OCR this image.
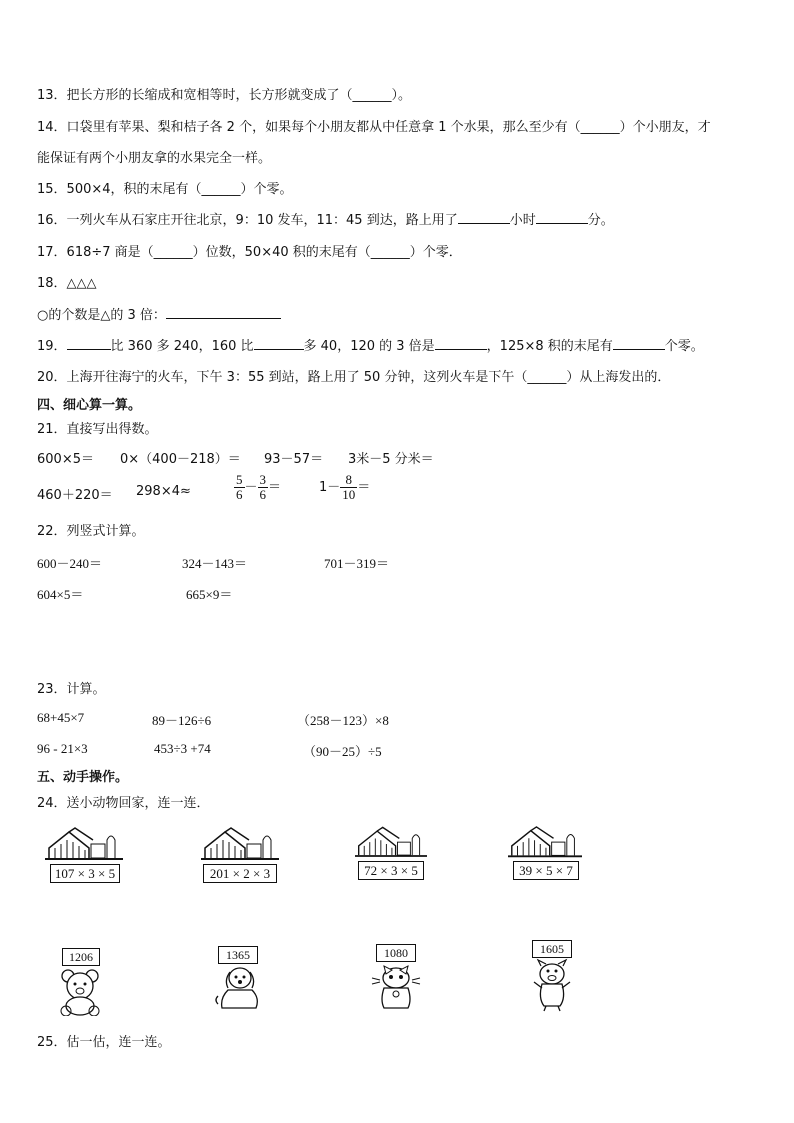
13．把长方形的长缩成和宽相等时，长方形就变成了（______）。
14．口袋里有苹果、梨和桔子各 2 个，如果每个小朋友都从中任意拿 1 个水果，那么至少有（______）个小朋友，才
能保证有两个小朋友拿的水果完全一样。
15．500×4，积的末尾有（______）个零。
16．一列火车从石家庄开往北京，9：10 发车，11：45 到达，路上用了	小时	分。
17．618÷7 商是（______）位数，50×40 积的末尾有（______）个零．
18．△△△
○的个数是△的 3 倍：
19．	比 360 多 240，160 比	多 40，120 的 3 倍是	，125×8 积的末尾有	个零。
20．上海开往海宁的火车，下午 3：55 到站，路上用了 50 分钟，这列火车是下午（______）从上海发出的．
四、细心算一算。
21．直接写出得数。
600×5＝ 0×（400－218）＝ 93－57＝ 3米－5 分米＝
460＋220＝ 298×4≈	$\frac{5}{6} - \frac{3}{6}$ ＝	$1- \frac{8}{10}$ ＝
22．列竖式计算。
600－240＝	324－143＝	701－319＝
604×5＝	665×9＝
23．计算。
68+45×7	89－126÷6	（258－123）×8
96 - 21×3	453÷3 +74	（90－25）÷5
五、动手操作。
24．送小动物回家，连一连．
107 × 3 × 5	201 × 2 × 3	72 × 3 × 5	39 × 5 × 7
1206	1365	1080	1605
25．估一估，连一连。
